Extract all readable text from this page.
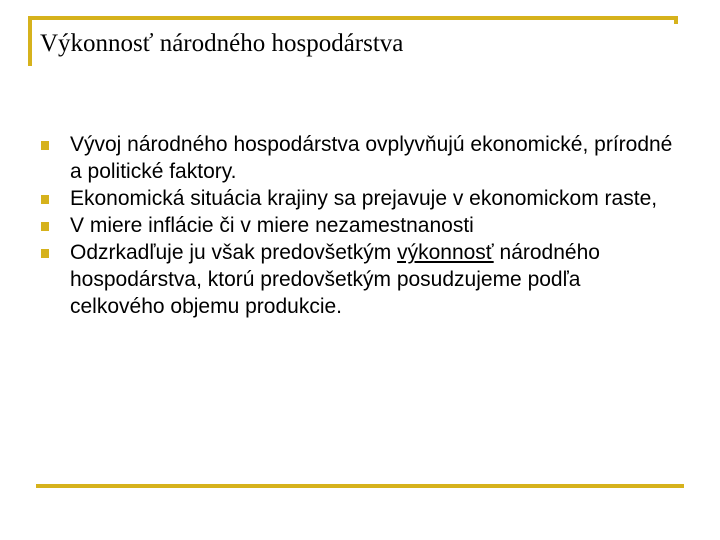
Výkonnosť národného hospodárstva
Vývoj národného hospodárstva ovplyvňujú ekonomické, prírodné a politické faktory.
Ekonomická situácia krajiny sa prejavuje v ekonomickom raste,
V miere inflácie či v miere nezamestnanosti
Odzrkadľuje ju však predovšetkým výkonnosť národného hospodárstva, ktorú predovšetkým posudzujeme podľa celkového objemu produkcie.
